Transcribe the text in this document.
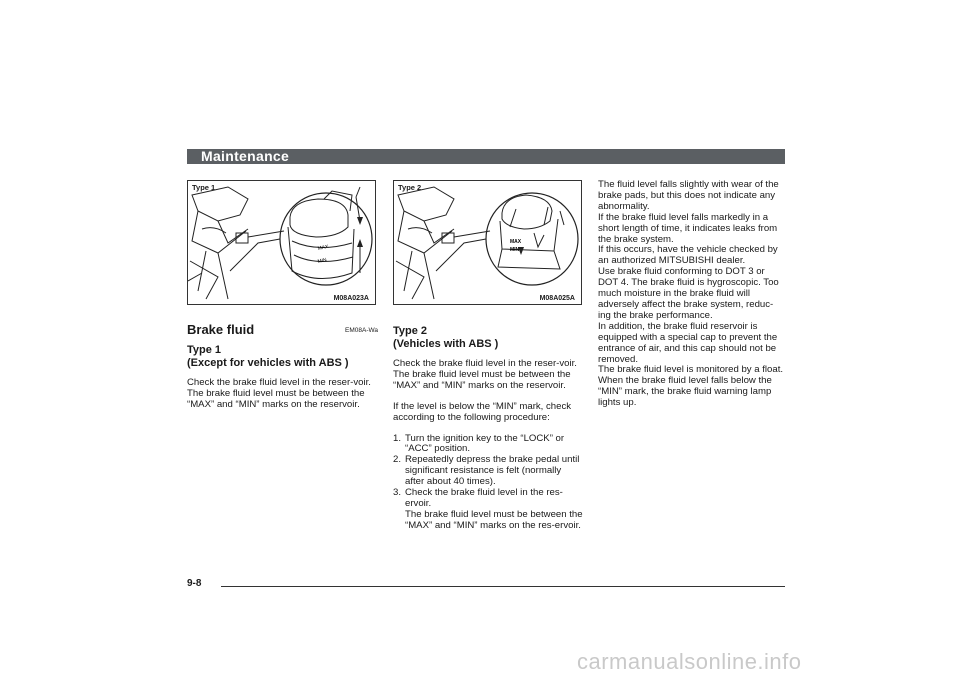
Maintenance
MAX
MIN
Type 1
M08A023A
MAX
MIN
Type 2
M08A025A
Brake fluid	EM08A-Wa
Type 1
(Except for vehicles with ABS )

Check the brake fluid level in the reser-voir.

The brake fluid level must be between the “MAX” and “MIN” marks on the reservoir.

Type 2
(Vehicles with ABS )

Check the brake fluid level in the reser-voir.

The brake fluid level must be between the “MAX” and “MIN” marks on the reservoir.

If the level is below the “MIN” mark, check according to the following procedure:

1. Turn the ignition key to the “LOCK” or “ACC” position.
2. Repeatedly depress the brake pedal until significant resistance is felt (normally after about 40 times).
3. Check the brake fluid level in the res-ervoir.
The brake fluid level must be between the “MAX” and “MIN” marks on the res-ervoir.

The fluid level falls slightly with wear of the brake pads, but this does not indicate any abnormality.

If the brake fluid level falls markedly in a short length of time, it indicates leaks from the brake system.

If this occurs, have the vehicle checked by an authorized MITSUBISHI dealer.

Use brake fluid conforming to DOT 3 or DOT 4. The brake fluid is hygroscopic. Too much moisture in the brake fluid will adversely affect the brake system, reduc-ing the brake performance.

In addition, the brake fluid reservoir is equipped with a special cap to prevent the entrance of air, and this cap should not be removed.

The brake fluid level is monitored by a float. When the brake fluid level falls below the “MIN” mark, the brake fluid warning lamp lights up.

9-8
carmanualsonline.info
